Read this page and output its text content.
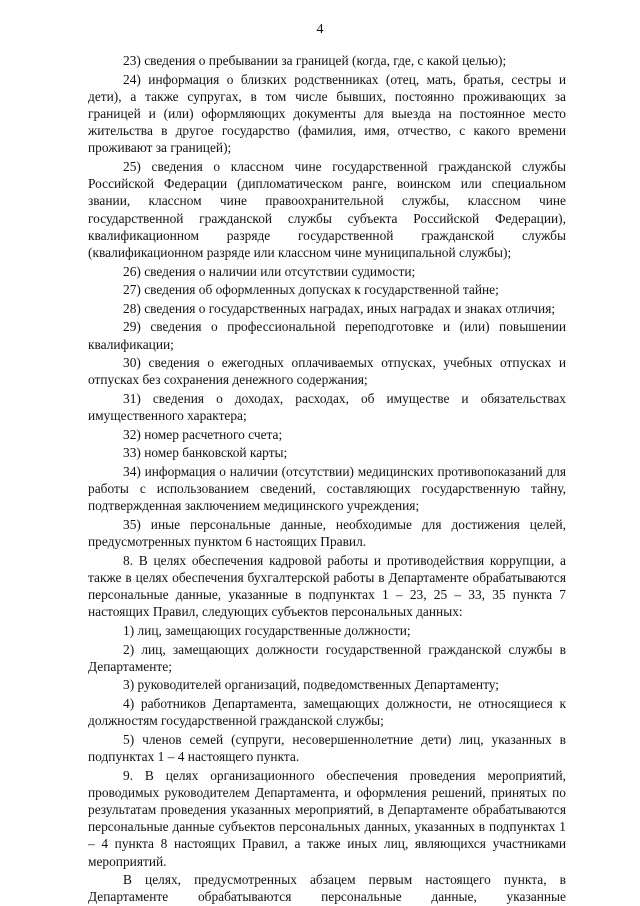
4

23) сведения о пребывании за границей (когда, где, с какой целью);

24) информация о близких родственниках (отец, мать, братья, сестры и дети), а также супругах, в том числе бывших, постоянно проживающих за границей и (или) оформляющих документы для выезда на постоянное место жительства в другое государство (фамилия, имя, отчество, с какого времени проживают за границей);

25) сведения о классном чине государственной гражданской службы Российской Федерации (дипломатическом ранге, воинском или специальном звании, классном чине правоохранительной службы, классном чине государственной гражданской службы субъекта Российской Федерации), квалификационном разряде государственной гражданской службы (квалификационном разряде или классном чине муниципальной службы);

26) сведения о наличии или отсутствии судимости;

27) сведения об оформленных допусках к государственной тайне;

28) сведения о государственных наградах, иных наградах и знаках отличия;

29) сведения о профессиональной переподготовке и (или) повышении квалификации;

30) сведения о ежегодных оплачиваемых отпусках, учебных отпусках и отпусках без сохранения денежного содержания;

31) сведения о доходах, расходах, об имуществе и обязательствах имущественного характера;

32) номер расчетного счета;

33) номер банковской карты;

34) информация о наличии (отсутствии) медицинских противопоказаний для работы с использованием сведений, составляющих государственную тайну, подтвержденная заключением медицинского учреждения;

35) иные персональные данные, необходимые для достижения целей, предусмотренных пунктом 6 настоящих Правил.

8. В целях обеспечения кадровой работы и противодействия коррупции, а также в целях обеспечения бухгалтерской работы в Департаменте обрабатываются персональные данные, указанные в подпунктах 1 – 23, 25 – 33, 35 пункта 7 настоящих Правил, следующих субъектов персональных данных:

1) лиц, замещающих государственные должности;

2) лиц, замещающих должности государственной гражданской службы в Департаменте;

3) руководителей организаций, подведомственных Департаменту;

4) работников Департамента, замещающих должности, не относящиеся к должностям государственной гражданской службы;

5) членов семей (супруги, несовершеннолетние дети) лиц, указанных в подпунктах 1 – 4 настоящего пункта.

9. В целях организационного обеспечения проведения мероприятий, проводимых руководителем Департамента, и оформления решений, принятых по результатам проведения указанных мероприятий, в Департаменте обрабатываются персональные данные субъектов персональных данных, указанных в подпунктах 1 – 4 пункта 8 настоящих Правил, а также иных лиц, являющихся участниками мероприятий.

В целях, предусмотренных абзацем первым настоящего пункта, в Департаменте обрабатываются персональные данные, указанные
